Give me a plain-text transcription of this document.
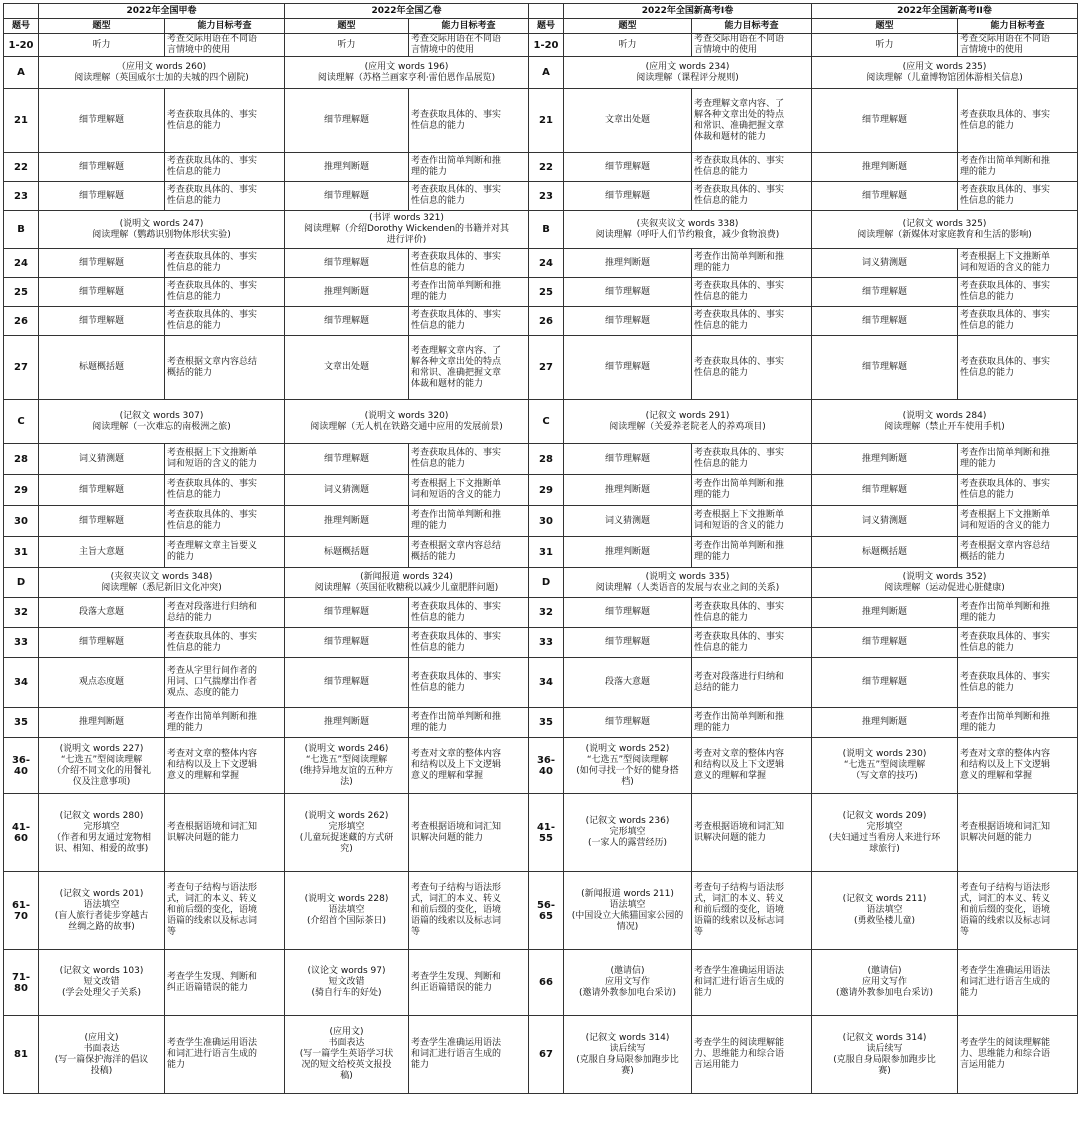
	2022年全国甲卷		2022年全国乙卷			2022年全国新高考I卷		2022年全国新高考II卷	
题号	题型	能力目标考查	题型	能力目标考查	题号	题型	能力目标考查	题型	能力目标考查
1-20	听力	考查交际用语在不同语
言情境中的使用	听力	考查交际用语在不同语
言情境中的使用	1-20	听力	考查交际用语在不同语
言情境中的使用	听力	考查交际用语在不同语
言情境中的使用

A	（应用文 words 260)
阅读理解（英国威尔士加的夫城的四个剧院)		(应用文 words 196)
阅读理解（苏格兰画家亨利·雷伯恩作品展览)		A	(应用文 words 234)
阅读理解（课程评分规则)		(应用文 words 235)
阅读理解（儿童博物馆团体游相关信息)	

21	细节理解题	考查获取具体的、事实
性信息的能力	细节理解题	考查获取具体的、事实
性信息的能力	21	文章出处题	考查理解文章内容、了
解各种文章出处的特点
和常识、准确把握文章
体裁和题材的能力	细节理解题	考查获取具体的、事实
性信息的能力

22	细节理解题	考查获取具体的、事实
性信息的能力	推理判断题	考查作出简单判断和推
理的能力	22	细节理解题	考查获取具体的、事实
性信息的能力	推理判断题	考查作出简单判断和推
理的能力

23	细节理解题	考查获取具体的、事实
性信息的能力	细节理解题	考查获取具体的、事实
性信息的能力	23	细节理解题	考查获取具体的、事实
性信息的能力	细节理解题	考查获取具体的、事实
性信息的能力

B	(说明文 words 247)
阅读理解（鹦鹉识别物体形状实验)		(书评 words 321)
阅读理解（介绍Dorothy Wickenden的书籍并对其
进行评价)		B	(夹叙夹议文 words 338)
阅读理解（呼吁人们节约粮食，减少食物浪费)		(记叙文 words 325)
阅读理解（新媒体对家庭教育和生活的影响)	

24	细节理解题	考查获取具体的、事实
性信息的能力	细节理解题	考查获取具体的、事实
性信息的能力	24	推理判断题	考查作出简单判断和推
理的能力	词义猜测题	考查根据上下文推断单
词和短语的含义的能力

25	细节理解题	考查获取具体的、事实
性信息的能力	推理判断题	考查作出简单判断和推
理的能力	25	细节理解题	考查获取具体的、事实
性信息的能力	细节理解题	考查获取具体的、事实
性信息的能力

26	细节理解题	考查获取具体的、事实
性信息的能力	细节理解题	考查获取具体的、事实
性信息的能力	26	细节理解题	考查获取具体的、事实
性信息的能力	细节理解题	考查获取具体的、事实
性信息的能力

27	标题概括题	考查根据文章内容总结
概括的能力	文章出处题	考查理解文章内容、了
解各种文章出处的特点
和常识、准确把握文章
体裁和题材的能力	27	细节理解题	考查获取具体的、事实
性信息的能力	细节理解题	考查获取具体的、事实
性信息的能力

C	(记叙文 words 307)
阅读理解（一次难忘的南极洲之旅)		(说明文 words 320)
阅读理解（无人机在铁路交通中应用的发展前景)		C	(记叙文 words 291)
阅读理解（关爱养老院老人的养鸡项目)		(说明文 words 284)
阅读理解（禁止开车使用手机)	

28	词义猜测题	考查根据上下文推断单
词和短语的含义的能力	细节理解题	考查获取具体的、事实
性信息的能力	28	细节理解题	考查获取具体的、事实
性信息的能力	推理判断题	考查作出简单判断和推
理的能力

29	细节理解题	考查获取具体的、事实
性信息的能力	词义猜测题	考查根据上下文推断单
词和短语的含义的能力	29	推理判断题	考查作出简单判断和推
理的能力	细节理解题	考查获取具体的、事实
性信息的能力

30	细节理解题	考查获取具体的、事实
性信息的能力	推理判断题	考查作出简单判断和推
理的能力	30	词义猜测题	考查根据上下文推断单
词和短语的含义的能力	词义猜测题	考查根据上下文推断单
词和短语的含义的能力

31	主旨大意题	考查理解文章主旨要义
的能力	标题概括题	考查根据文章内容总结
概括的能力	31	推理判断题	考查作出简单判断和推
理的能力	标题概括题	考查根据文章内容总结
概括的能力

D	(夹叙夹议文 words 348)
阅读理解（悉尼新旧文化冲突)		(新闻报道 words 324)
阅读理解（英国征收糖税以减少儿童肥胖问题)		D	(说明文 words 335)
阅读理解（人类语音的发展与农业之间的关系)		(说明文 words 352)
阅读理解（运动促进心脏健康)	

32	段落大意题	考查对段落进行归纳和
总结的能力	细节理解题	考查获取具体的、事实
性信息的能力	32	细节理解题	考查获取具体的、事实
性信息的能力	推理判断题	考查作出简单判断和推
理的能力

33	细节理解题	考查获取具体的、事实
性信息的能力	细节理解题	考查获取具体的、事实
性信息的能力	33	细节理解题	考查获取具体的、事实
性信息的能力	细节理解题	考查获取具体的、事实
性信息的能力

34	观点态度题	考查从字里行间作者的
用词、口气揣摩出作者
观点、态度的能力	细节理解题	考查获取具体的、事实
性信息的能力	34	段落大意题	考查对段落进行归纳和
总结的能力	细节理解题	考查获取具体的、事实
性信息的能力

35	推理判断题	考查作出简单判断和推
理的能力	推理判断题	考查作出简单判断和推
理的能力	35	细节理解题	考查作出简单判断和推
理的能力	推理判断题	考查作出简单判断和推
理的能力

36-40	(说明文 words 227)
“七选五”型阅读理解
（介绍不同文化的用餐礼
仪及注意事项)	考查对文章的整体内容
和结构以及上下文逻辑
意义的理解和掌握	(说明文 words 246)
“七选五”型阅读理解
(维持异地友谊的五种方
法)	考查对文章的整体内容
和结构以及上下文逻辑
意义的理解和掌握	36-40	(说明文 words 252)
“七选五”型阅读理解
(如何寻找一个好的健身搭
档)	考查对文章的整体内容
和结构以及上下文逻辑
意义的理解和掌握	(说明文 words 230)
“七选五”型阅读理解
（写文章的技巧)	考查对文章的整体内容
和结构以及上下文逻辑
意义的理解和掌握

41-60	(记叙文 words 280)
完形填空
（作者和男友通过宠物相
识、相知、相爱的故事)	考查根据语境和词汇知
识解决问题的能力	(说明文 words 262)
完形填空
(儿童玩捉迷藏的方式研
究)	考查根据语境和词汇知
识解决问题的能力	41-55	(记叙文 words 236)
完形填空
(一家人的露营经历)	考查根据语境和词汇知
识解决问题的能力	(记叙文 words 209)
完形填空
(夫妇通过当看房人来进行环
球旅行)	考查根据语境和词汇知
识解决问题的能力

61-70	(记叙文 words 201)
语法填空
(盲人旅行者徒步穿越古
丝绸之路的故事)	考查句子结构与语法形
式，词汇的本义、转义
和前后缀的变化，语境
语篇的线索以及标志词
等	(说明文 words 228)
语法填空
(介绍首个国际茶日)	考查句子结构与语法形
式，词汇的本义、转义
和前后缀的变化，语境
语篇的线索以及标志词
等	56-65	(新闻报道 words 211)
语法填空
(中国设立大熊猫国家公园的
情况)	考查句子结构与语法形
式，词汇的本义、转义
和前后缀的变化，语境
语篇的线索以及标志词
等	(记叙文 words 211)
语法填空
(勇救坠楼儿童)	考查句子结构与语法形
式，词汇的本义、转义
和前后缀的变化，语境
语篇的线索以及标志词
等

71-80	(记叙文 words 103)
短文改错
(学会处理父子关系)	考查学生发现、判断和
纠正语篇错误的能力	(议论文 words 97)
短文改错
(骑自行车的好处)	考查学生发现、判断和
纠正语篇错误的能力	66	(邀请信)
应用文写作
(邀请外教参加电台采访)	考查学生准确运用语法
和词汇进行语言生成的
能力	(邀请信)
应用文写作
(邀请外教参加电台采访)	考查学生准确运用语法
和词汇进行语言生成的
能力

81	(应用文)
书面表达
(写一篇保护海洋的倡议
投稿)	考查学生准确运用语法
和词汇进行语言生成的
能力	(应用文)
书面表达
(写一篇学生英语学习状
况的短文给校英文报投
稿)	考查学生准确运用语法
和词汇进行语言生成的
能力	67	(记叙文 words 314)
读后续写
(克服自身局限参加跑步比
赛)	考查学生的阅读理解能
力、思维能力和综合语
言运用能力	(记叙文 words 314)
读后续写
(克服自身局限参加跑步比
赛)	考查学生的阅读理解能
力、思维能力和综合语
言运用能力
